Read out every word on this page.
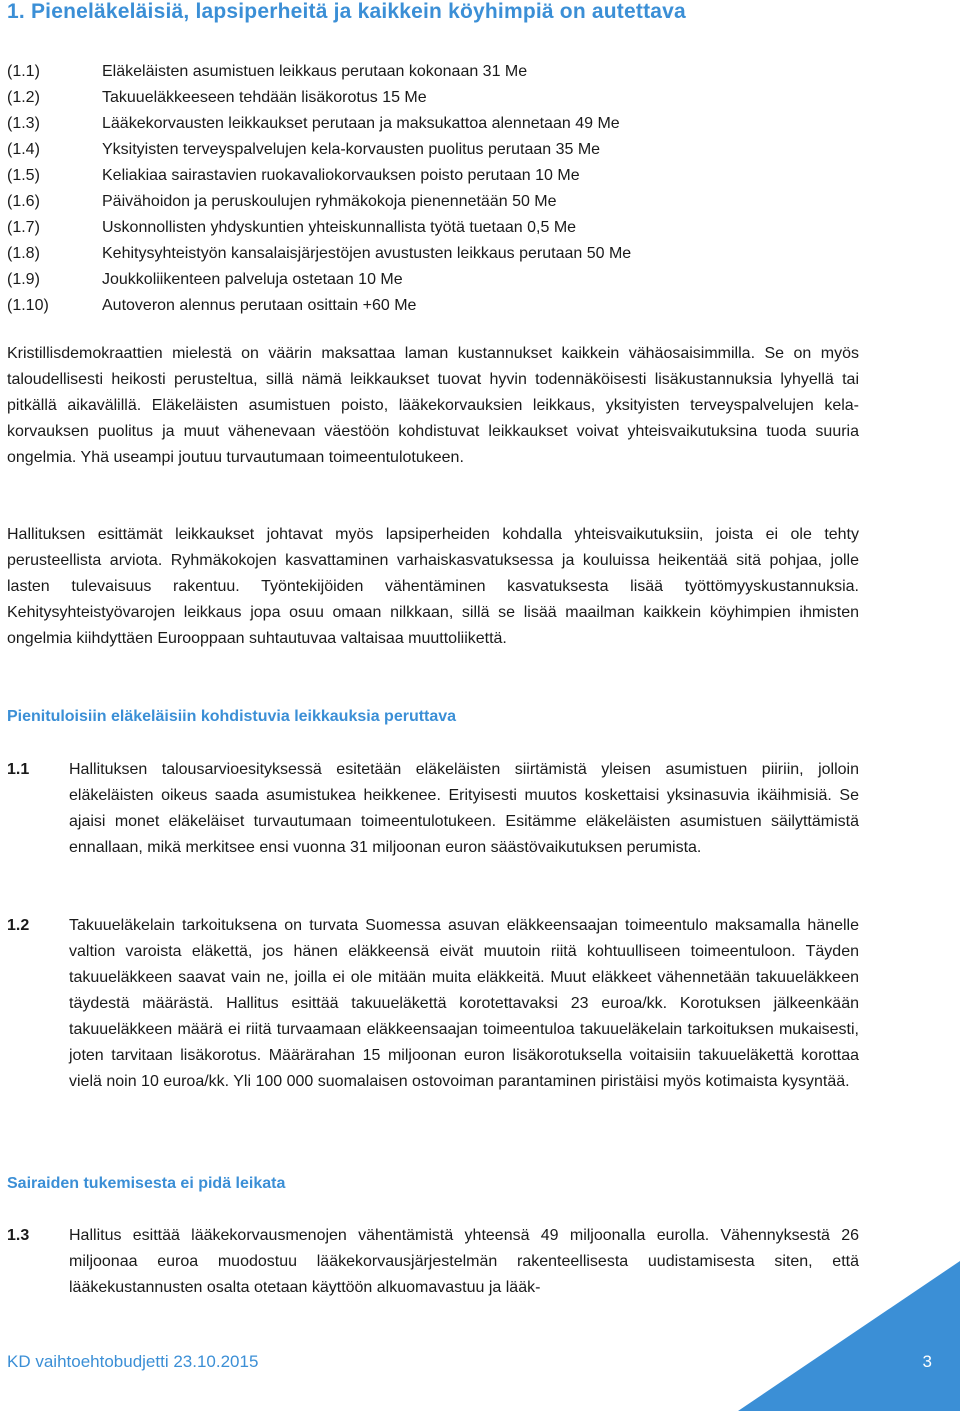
1. Pieneläkeläisiä, lapsiperheitä ja kaikkein köyhimpiä on autettava
(1.1)	Eläkeläisten asumistuen leikkaus perutaan kokonaan 31 Me
(1.2)	Takuueläkkeeseen tehdään lisäkorotus 15 Me
(1.3)	Lääkekorvausten leikkaukset perutaan ja maksukattoa alennetaan 49 Me
(1.4)	Yksityisten terveyspalvelujen kela-korvausten puolitus perutaan 35 Me
(1.5)	Keliakiaa sairastavien ruokavaliokorvauksen poisto perutaan 10 Me
(1.6)	Päivähoidon ja peruskoulujen ryhmäkokoja pienennetään 50 Me
(1.7)	Uskonnollisten yhdyskuntien yhteiskunnallista työtä tuetaan 0,5 Me
(1.8)	Kehitysyhteistyön kansalaisjärjestöjen avustusten leikkaus perutaan 50 Me
(1.9)	Joukkoliikenteen palveluja ostetaan 10 Me
(1.10)	Autoveron alennus perutaan osittain +60 Me

Kristillisdemokraattien mielestä on väärin maksattaa laman kustannukset kaikkein vähäosaisimmilla. Se on myös taloudellisesti heikosti perusteltua, sillä nämä leikkaukset tuovat hyvin todennäköisesti lisäkustannuksia lyhyellä tai pitkällä aikavälillä. Eläkeläisten asumistuen poisto, lääkekorvauksien leikkaus, yksityisten terveyspalvelujen kela-korvauksen puolitus ja muut vähenevaan väestöön kohdistuvat leikkaukset voivat yhteisvaikutuksina tuoda suuria ongelmia. Yhä useampi joutuu turvautumaan toimeentulotukeen.

Hallituksen esittämät leikkaukset johtavat myös lapsiperheiden kohdalla yhteisvaikutuksiin, joista ei ole tehty perusteellista arviota. Ryhmäkokojen kasvattaminen varhaiskasvatuksessa ja kouluissa heikentää sitä pohjaa, jolle lasten tulevaisuus rakentuu. Työntekijöiden vähentäminen kasvatuksesta lisää työttömyyskustannuksia. Kehitysyhteistyövarojen leikkaus jopa osuu omaan nilkkaan, sillä se lisää maailman kaikkein köyhimpien ihmisten ongelmia kiihdyttäen Eurooppaan suhtautuvaa valtaisaa muuttoliikettä.

Pienituloisiin eläkeläisiin kohdistuvia leikkauksia peruttava
1.1	Hallituksen talousarvioesityksessä esitetään eläkeläisten siirtämistä yleisen asumistuen piiriin, jolloin eläkeläisten oikeus saada asumistukea heikkenee. Erityisesti muutos koskettaisi yksinasuvia ikäihmisiä. Se ajaisi monet eläkeläiset turvautumaan toimeentulotukeen. Esitämme eläkeläisten asumistuen säilyttämistä ennallaan, mikä merkitsee ensi vuonna 31 miljoonan euron säästövaikutuksen perumista.

1.2	Takuueläkelain tarkoituksena on turvata Suomessa asuvan eläkkeensaajan toimeentulo maksamalla hänelle valtion varoista eläkettä, jos hänen eläkkeensä eivät muutoin riitä kohtuulliseen toimeentuloon. Täyden takuueläkkeen saavat vain ne, joilla ei ole mitään muita eläkkeitä. Muut eläkkeet vähennetään takuueläkkeen täydestä määrästä. Hallitus esittää takuueläkettä korotettavaksi 23 euroa/kk. Korotuksen jälkeenkään takuueläkkeen määrä ei riitä turvaamaan eläkkeensaajan toimeentuloa takuueläkelain tarkoituksen mukaisesti, joten tarvitaan lisäkorotus. Määrärahan 15 miljoonan euron lisäkorotuksella voitaisiin takuueläkettä korottaa vielä noin 10 euroa/kk. Yli 100 000 suomalaisen ostovoiman parantaminen piristäisi myös kotimaista kysyntää.

Sairaiden tukemisesta ei pidä leikata
1.3	Hallitus esittää lääkekorvausmenojen vähentämistä yhteensä 49 miljoonalla eurolla. Vähennyksestä 26 miljoonaa euroa muodostuu lääkekorvausjärjestelmän rakenteellisesta uudistamisesta siten, että lääkekustannusten osalta otetaan käyttöön alkuomavastuu ja lääk-

KD vaihtoehtobudjetti 23.10.2015	3
